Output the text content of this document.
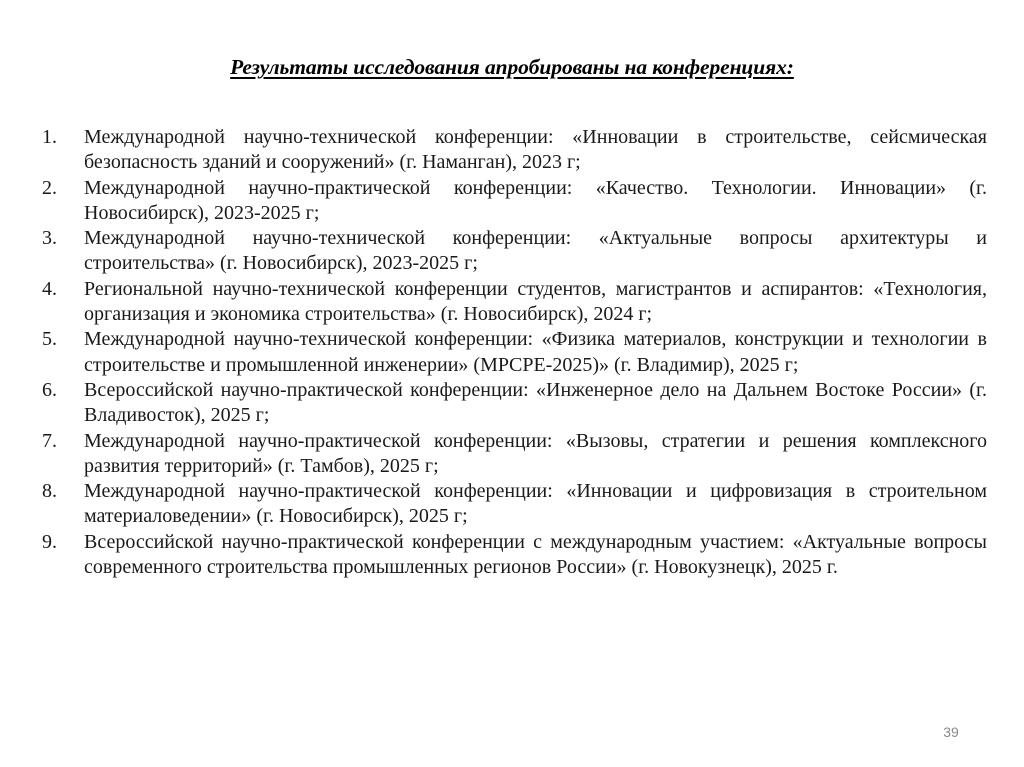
Результаты исследования апробированы на конференциях:
1.	Международной научно-технической конференции: «Инновации в строительстве, сейсмическая безопасность зданий и сооружений» (г. Наманган), 2023 г;
2.	Международной научно-практической конференции: «Качество. Технологии. Инновации» (г. Новосибирск), 2023-2025 г;
3.	Международной научно-технической конференции: «Актуальные вопросы архитектуры и строительства» (г. Новосибирск), 2023-2025 г;
4.	Региональной научно-технической конференции студентов, магистрантов и аспирантов: «Технология, организация и экономика строительства» (г. Новосибирск), 2024 г;
5.	Международной научно-технической конференции: «Физика материалов, конструкции и технологии в строительстве и промышленной инженерии» (MPCPE-2025)» (г. Владимир), 2025 г;
6.	Всероссийской научно-практической конференции: «Инженерное дело на Дальнем Востоке России» (г. Владивосток), 2025 г;
7.	Международной научно-практической конференции: «Вызовы, стратегии и решения комплексного развития территорий» (г. Тамбов), 2025 г;
8.	Международной научно-практической конференции: «Инновации и цифровизация в строительном материаловедении» (г. Новосибирск), 2025 г;
9.	Всероссийской научно-практической конференции с международным участием: «Актуальные вопросы современного строительства промышленных регионов России» (г. Новокузнецк), 2025 г.
39
